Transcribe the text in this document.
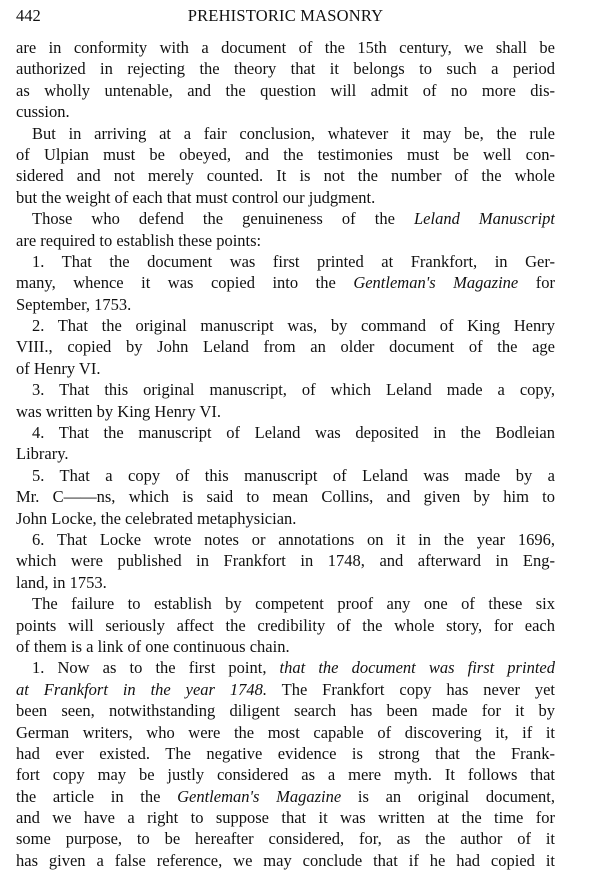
442	PREHISTORIC MASONRY
are in conformity with a document of the 15th century, we shall be
authorized in rejecting the theory that it belongs to such a period
as wholly untenable, and the question will admit of no more dis-
cussion.
But in arriving at a fair conclusion, whatever it may be, the rule
of Ulpian must be obeyed, and the testimonies must be well con-
sidered and not merely counted. It is not the number of the whole
but the weight of each that must control our judgment.
Those who defend the genuineness of the Leland Manuscript
are required to establish these points:
1. That the document was first printed at Frankfort, in Ger-
many, whence it was copied into the Gentleman's Magazine for
September, 1753.
2. That the original manuscript was, by command of King Henry
VIII., copied by John Leland from an older document of the age
of Henry VI.
3. That this original manuscript, of which Leland made a copy,
was written by King Henry VI.
4. That the manuscript of Leland was deposited in the Bodleian
Library.
5. That a copy of this manuscript of Leland was made by a
Mr. C——ns, which is said to mean Collins, and given by him to
John Locke, the celebrated metaphysician.
6. That Locke wrote notes or annotations on it in the year 1696,
which were published in Frankfort in 1748, and afterward in Eng-
land, in 1753.
The failure to establish by competent proof any one of these six
points will seriously affect the credibility of the whole story, for each
of them is a link of one continuous chain.
1. Now as to the first point, that the document was first printed
at Frankfort in the year 1748. The Frankfort copy has never yet
been seen, notwithstanding diligent search has been made for it by
German writers, who were the most capable of discovering it, if it
had ever existed. The negative evidence is strong that the Frank-
fort copy may be justly considered as a mere myth. It follows that
the article in the Gentleman's Magazine is an original document,
and we have a right to suppose that it was written at the time for
some purpose, to be hereafter considered, for, as the author of it
has given a false reference, we may conclude that if he had copied it
